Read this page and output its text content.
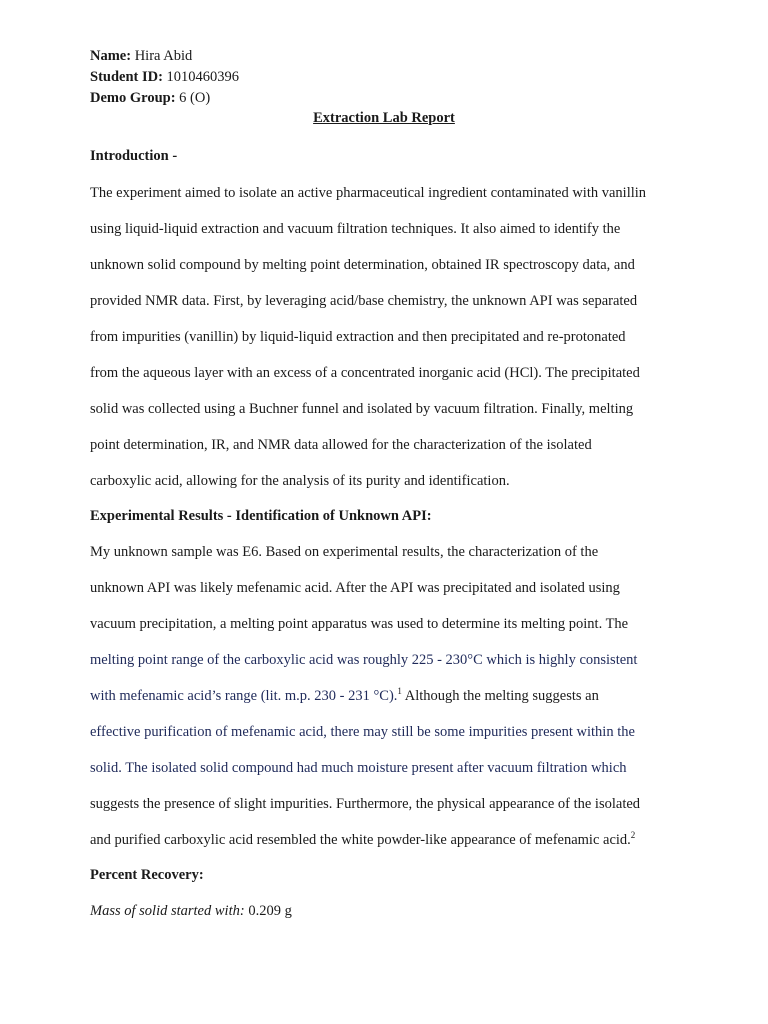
Name: Hira Abid
Student ID: 1010460396
Demo Group: 6 (O)
Extraction Lab Report
Introduction -
The experiment aimed to isolate an active pharmaceutical ingredient contaminated with vanillin
using liquid-liquid extraction and vacuum filtration techniques. It also aimed to identify the
unknown solid compound by melting point determination, obtained IR spectroscopy data, and
provided NMR data. First, by leveraging acid/base chemistry, the unknown API was separated
from impurities (vanillin) by liquid-liquid extraction and then precipitated and re-protonated
from the aqueous layer with an excess of a concentrated inorganic acid (HCl). The precipitated
solid was collected using a Buchner funnel and isolated by vacuum filtration. Finally, melting
point determination, IR, and NMR data allowed for the characterization of the isolated
carboxylic acid, allowing for the analysis of its purity and identification.
Experimental Results - Identification of Unknown API:
My unknown sample was E6. Based on experimental results, the characterization of the
unknown API was likely mefenamic acid. After the API was precipitated and isolated using
vacuum precipitation, a melting point apparatus was used to determine its melting point. The
melting point range of the carboxylic acid was roughly 225 - 230°C which is highly consistent
with mefenamic acid’s range (lit. m.p. 230 - 231 °C).$^1$ Although the melting suggests an
effective purification of mefenamic acid, there may still be some impurities present within the
solid. The isolated solid compound had much moisture present after vacuum filtration which
suggests the presence of slight impurities. Furthermore, the physical appearance of the isolated
and purified carboxylic acid resembled the white powder-like appearance of mefenamic acid.$^2$
Percent Recovery:
Mass of solid started with: 0.209 g
